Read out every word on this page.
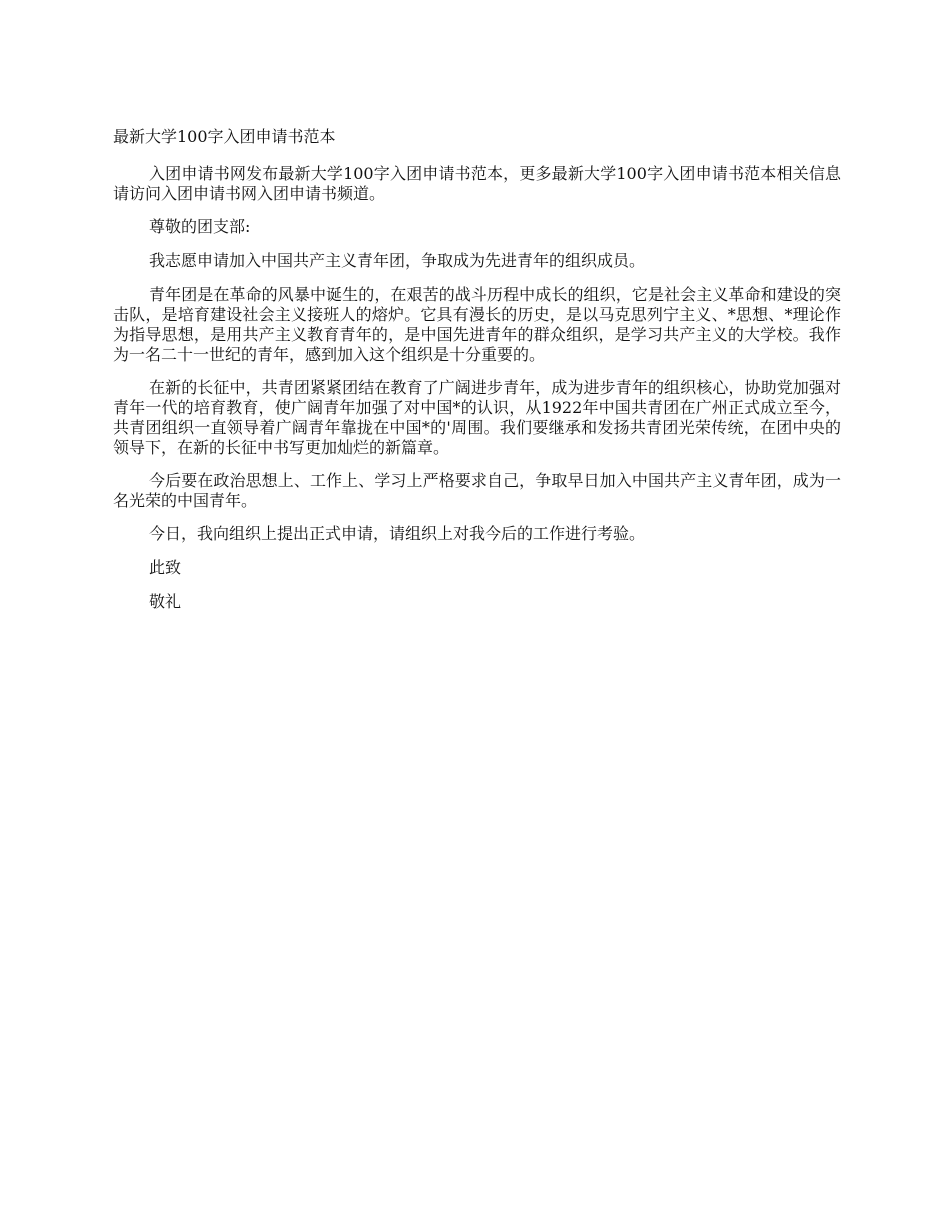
最新大学100字入团申请书范本

入团申请书网发布最新大学100字入团申请书范本，更多最新大学100字入团申请书范本相关信息请访问入团申请书网入团申请书频道。

尊敬的团支部:

我志愿申请加入中国共产主义青年团，争取成为先进青年的组织成员。

青年团是在革命的风暴中诞生的，在艰苦的战斗历程中成长的组织，它是社会主义革命和建设的突击队，是培育建设社会主义接班人的熔炉。它具有漫长的历史，是以马克思列宁主义、*思想、*理论作为指导思想，是用共产主义教育青年的，是中国先进青年的群众组织，是学习共产主义的大学校。我作为一名二十一世纪的青年，感到加入这个组织是十分重要的。

在新的长征中，共青团紧紧团结在教育了广阔进步青年，成为进步青年的组织核心，协助党加强对青年一代的培育教育，使广阔青年加强了对中国*的认识，从1922年中国共青团在广州正式成立至今，共青团组织一直领导着广阔青年靠拢在中国*的'周围。我们要继承和发扬共青团光荣传统，在团中央的领导下，在新的长征中书写更加灿烂的新篇章。

今后要在政治思想上、工作上、学习上严格要求自己，争取早日加入中国共产主义青年团，成为一名光荣的中国青年。

今日，我向组织上提出正式申请，请组织上对我今后的工作进行考验。

此致

敬礼
